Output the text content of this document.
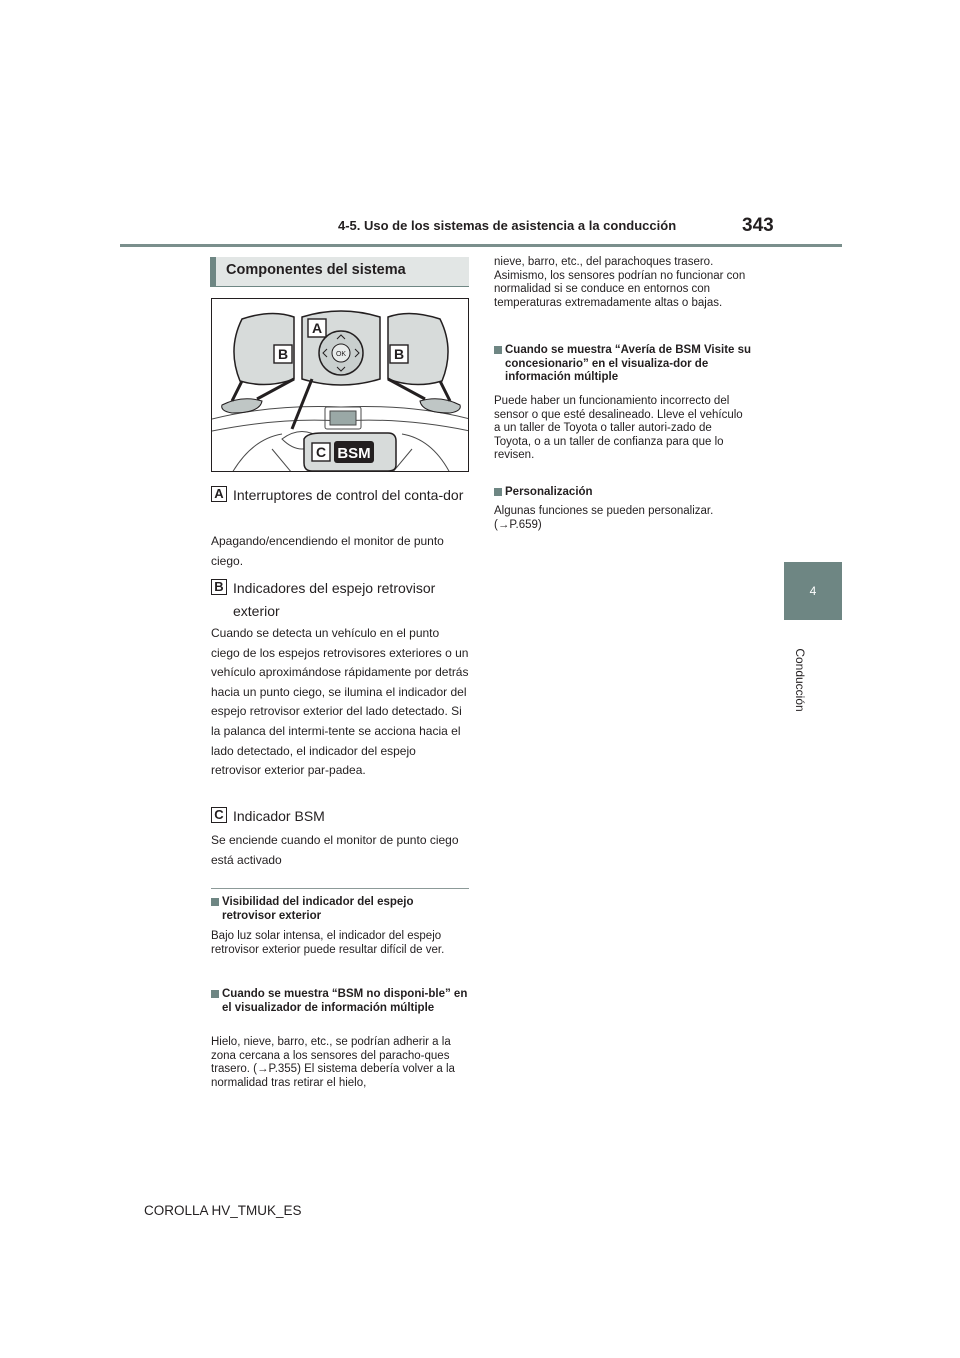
4-5. Uso de los sistemas de asistencia a la conducción	343
4
Conducción
Componentes del sistema
A
B	B
C BSM
OK
A Interruptores de control del conta-dor
Apagando/encendiendo el monitor de punto ciego.
B Indicadores del espejo retrovisor exterior
Cuando se detecta un vehículo en el punto ciego de los espejos retrovisores exteriores o un vehículo aproximándose rápidamente por detrás hacia un punto ciego, se ilumina el indicador del espejo retrovisor exterior del lado detectado. Si la palanca del intermi-tente se acciona hacia el lado detectado, el indicador del espejo retrovisor exterior par-padea.
C Indicador BSM
Se enciende cuando el monitor de punto ciego está activado
Visibilidad del indicador del espejo retrovisor exterior
Bajo luz solar intensa, el indicador del espejo retrovisor exterior puede resultar difícil de ver.
Cuando se muestra “BSM no disponi-ble” en el visualizador de información múltiple
Hielo, nieve, barro, etc., se podrían adherir a la zona cercana a los sensores del paracho-ques trasero. (→P.355) El sistema debería volver a la normalidad tras retirar el hielo,
nieve, barro, etc., del parachoques trasero. Asimismo, los sensores podrían no funcionar con normalidad si se conduce en entornos con temperaturas extremadamente altas o bajas.
Cuando se muestra “Avería de BSM Visite su concesionario” en el visualiza-dor de información múltiple
Puede haber un funcionamiento incorrecto del sensor o que esté desalineado. Lleve el vehículo a un taller de Toyota o taller autori-zado de Toyota, o a un taller de confianza para que lo revisen.
Personalización
Algunas funciones se pueden personalizar. (→P.659)
COROLLA HV_TMUK_ES
